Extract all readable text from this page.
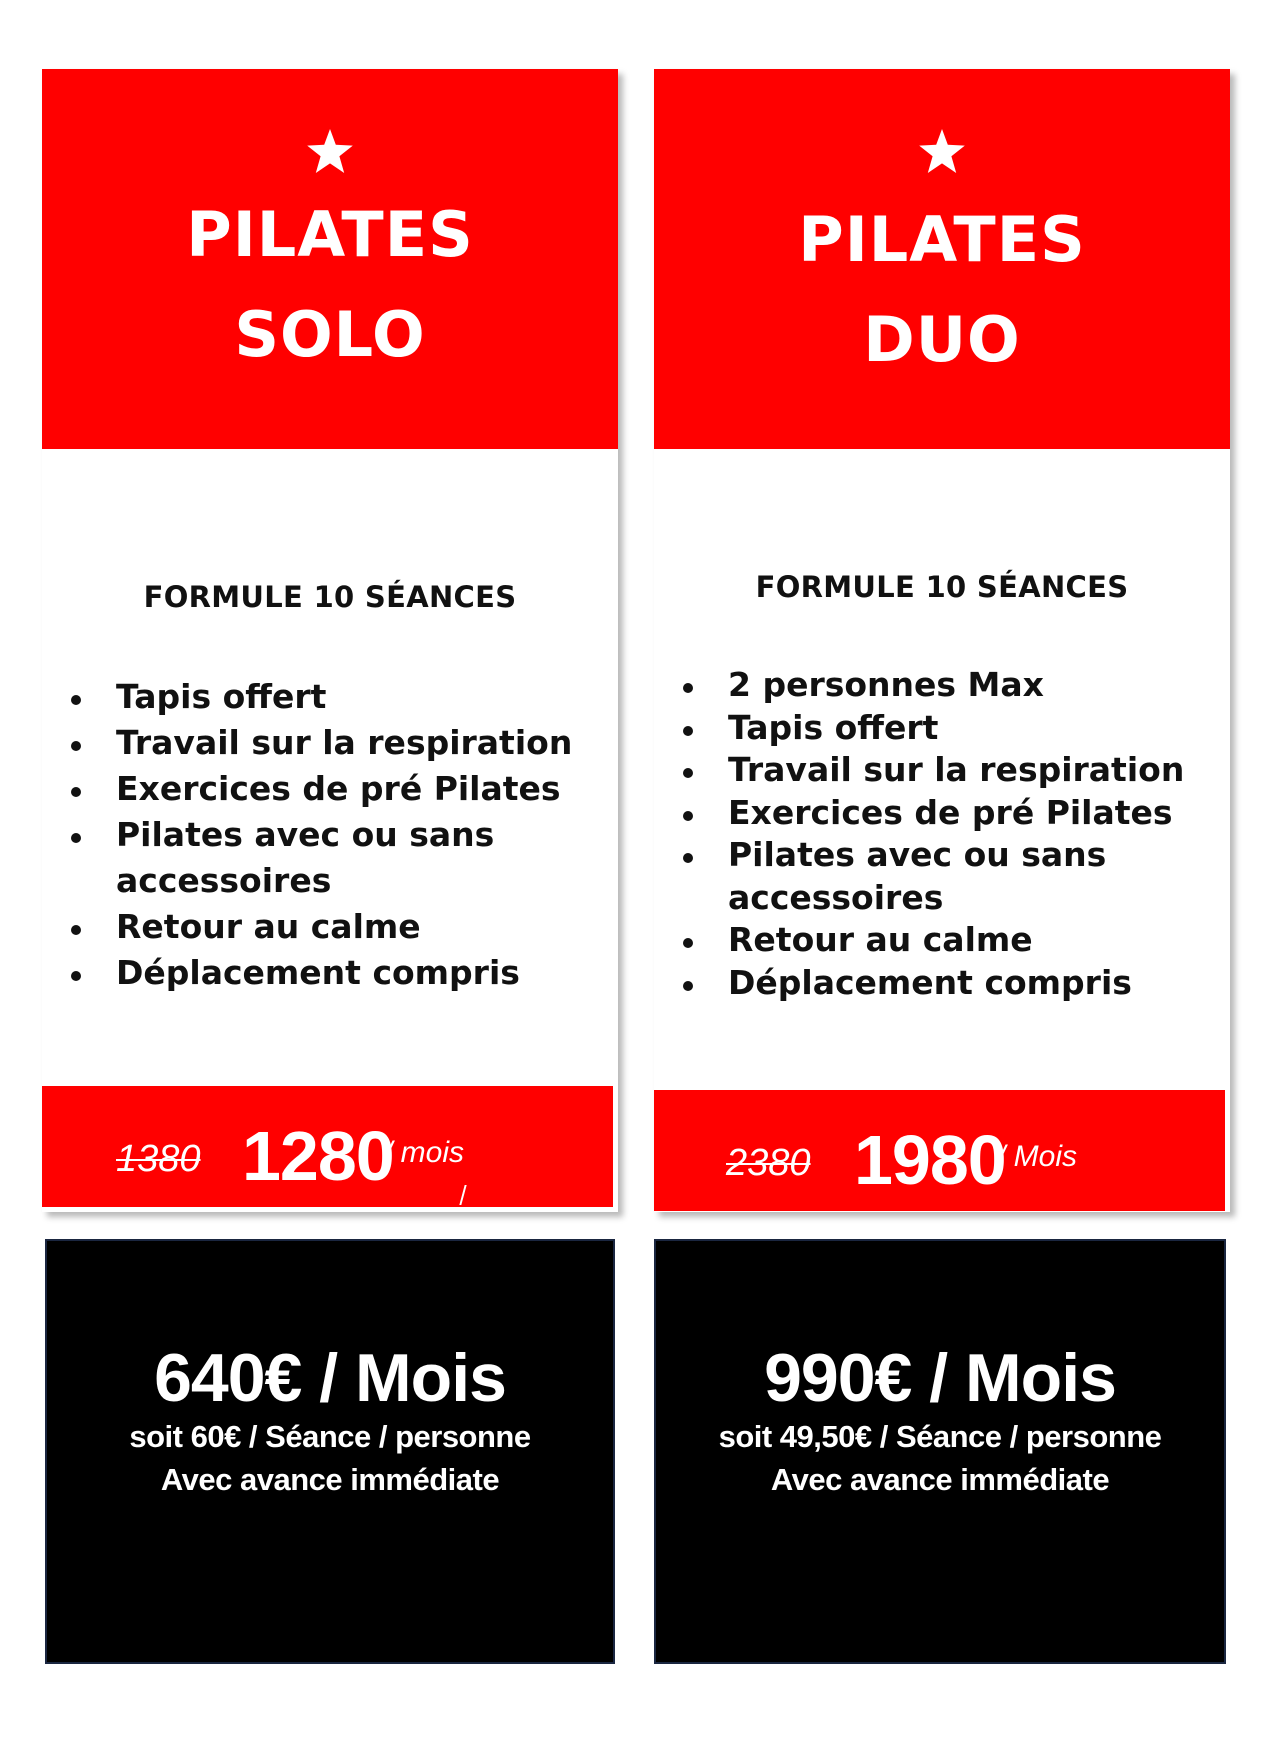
PILATES
SOLO
FORMULE 10 SÉANCES
Tapis offert
Travail sur la respiration
Exercices de pré Pilates
Pilates avec ou sans accessoires
Retour au calme
Déplacement compris
1380 1280
/ mois
PILATES
DUO
FORMULE 10 SÉANCES
2 personnes Max
Tapis offert
Travail sur la respiration
Exercices de pré Pilates
Pilates avec ou sans accessoires
Retour au calme
Déplacement compris
2380 1980
/ Mois
640€ / Mois
soit 60€ / Séance / personne
Avec avance immédiate
990€ / Mois
soit 49,50€ / Séance / personne
Avec avance immédiate
